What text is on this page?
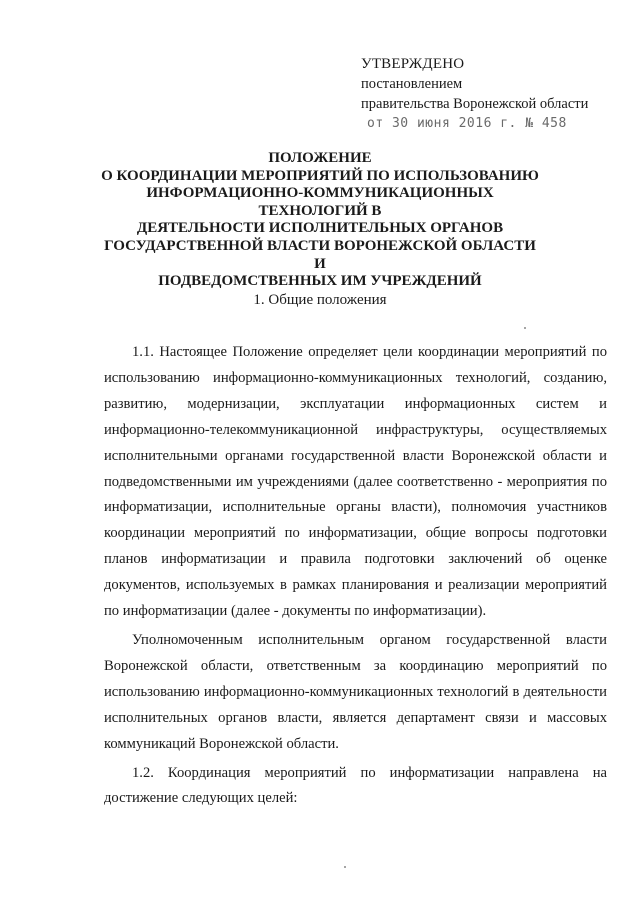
УТВЕРЖДЕНО
постановлением
правительства Воронежской области
от 30 июня 2016 г. № 458
ПОЛОЖЕНИЕ
О КООРДИНАЦИИ МЕРОПРИЯТИЙ ПО ИСПОЛЬЗОВАНИЮ
ИНФОРМАЦИОННО-КОММУНИКАЦИОННЫХ ТЕХНОЛОГИЙ В
ДЕЯТЕЛЬНОСТИ ИСПОЛНИТЕЛЬНЫХ ОРГАНОВ
ГОСУДАРСТВЕННОЙ ВЛАСТИ ВОРОНЕЖСКОЙ ОБЛАСТИ И
ПОДВЕДОМСТВЕННЫХ ИМ УЧРЕЖДЕНИЙ
1. Общие положения

1.1. Настоящее Положение определяет цели координации мероприятий по использованию информационно-коммуникационных технологий, созданию, развитию, модернизации, эксплуатации информационных систем и информационно-телекоммуникационной инфраструктуры, осуществляемых исполнительными органами государственной власти Воронежской области и подведомственными им учреждениями (далее соответственно - мероприятия по информатизации, исполнительные органы власти), полномочия участников координации мероприятий по информатизации, общие вопросы подготовки планов информатизации и правила подготовки заключений об оценке документов, используемых в рамках планирования и реализации мероприятий по информатизации (далее - документы по информатизации).

Уполномоченным исполнительным органом государственной власти Воронежской области, ответственным за координацию мероприятий по использованию информационно-коммуникационных технологий в деятельности исполнительных органов власти, является департамент связи и массовых коммуникаций Воронежской области.

1.2. Координация мероприятий по информатизации направлена на достижение следующих целей:
